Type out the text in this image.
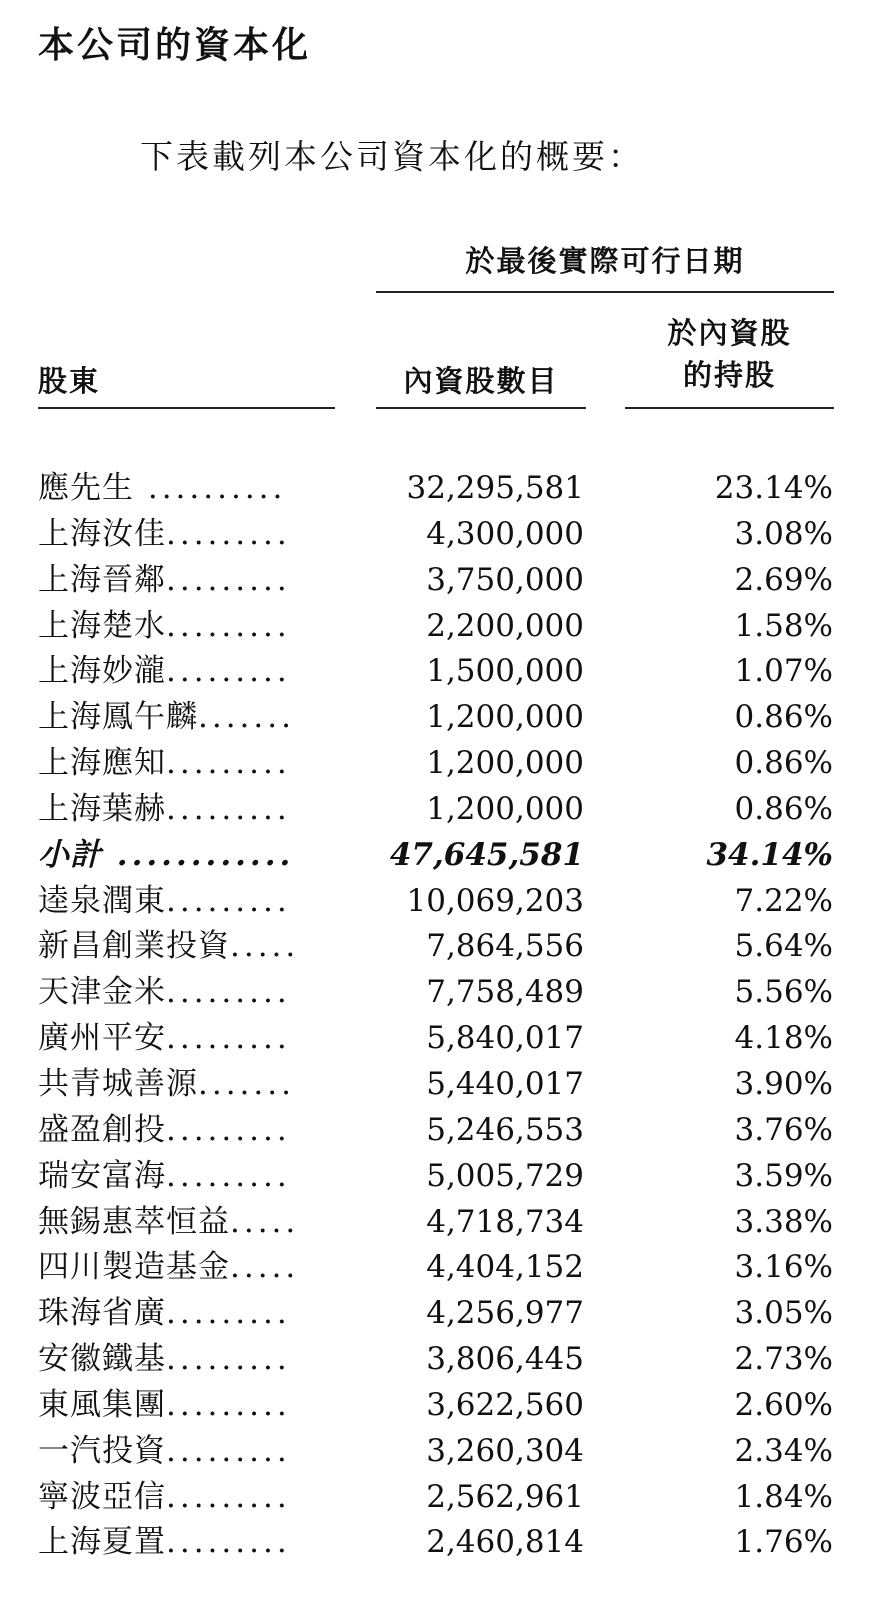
本公司的資本化
下表載列本公司資本化的概要：
於最後實際可行日期
股東	內資股數目
於內資股
的持股
應先生 ..........	32,295,581	23.14%
上海汝佳.........	4,300,000	3.08%
上海晉鄰.........	3,750,000	2.69%
上海楚水.........	2,200,000	1.58%
上海妙瀧.........	1,500,000	1.07%
上海鳳午麟.......	1,200,000	0.86%
上海應知.........	1,200,000	0.86%
上海葉赫.........	1,200,000	0.86%
小計 ............	47,645,581	34.14%
逵泉潤東.........	10,069,203	7.22%
新昌創業投資.....	7,864,556	5.64%
天津金米.........	7,758,489	5.56%
廣州平安.........	5,840,017	4.18%
共青城善源.......	5,440,017	3.90%
盛盈創投.........	5,246,553	3.76%
瑞安富海.........	5,005,729	3.59%
無錫惠萃恒益.....	4,718,734	3.38%
四川製造基金.....	4,404,152	3.16%
珠海省廣.........	4,256,977	3.05%
安徽鐵基.........	3,806,445	2.73%
東風集團.........	3,622,560	2.60%
一汽投資.........	3,260,304	2.34%
寧波亞信.........	2,562,961	1.84%
上海夏置.........	2,460,814	1.76%
